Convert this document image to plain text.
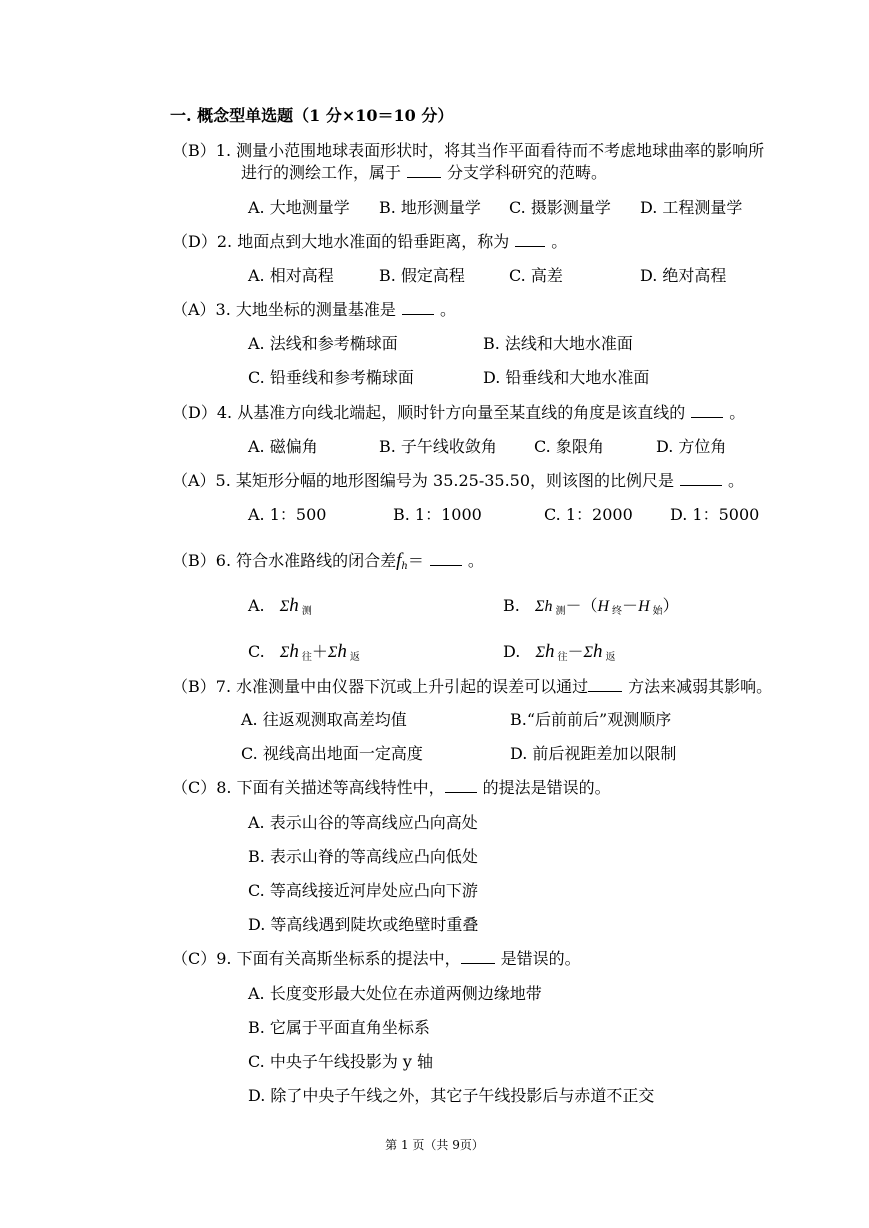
一. 概念型单选题（1 分×10＝10 分）
（B）1. 测量小范围地球表面形状时，将其当作平面看待而不考虑地球曲率的影响所
进行的测绘工作，属于	分支学科研究的范畴。
A. 大地测量学 B. 地形测量学 C. 摄影测量学 D. 工程测量学
（D）2. 地面点到大地水准面的铅垂距离，称为	。
A. 相对高程	B. 假定高程	C. 高差	D. 绝对高程
（A）3. 大地坐标的测量基准是	。
A. 法线和参考椭球面	B. 法线和大地水准面
C. 铅垂线和参考椭球面	D. 铅垂线和大地水准面
（D）4. 从基准方向线北端起，顺时针方向量至某直线的角度是该直线的	。
A. 磁偏角	B. 子午线收敛角 C. 象限角	D. 方位角
（A）5. 某矩形分幅的地形图编号为 35.25-35.50，则该图的比例尺是	。
A. 1：500	B. 1：1000	C. 1：2000 D. 1：5000
（B）6. 符合水准路线的闭合差$f_h=$	。
A. Σh $_测$	B. Σh $_测$－（H $_终$－H $_始$）
C. Σh $_往$＋Σh $_返$	D. Σh $_往$－Σh $_返$
（B）7. 水准测量中由仪器下沉或上升引起的误差可以通过	方法来减弱其影响。
A. 往返观测取高差均值	B.“后前前后”观测顺序
C. 视线高出地面一定高度	D. 前后视距差加以限制
（C）8. 下面有关描述等高线特性中， 的提法是错误的。
A. 表示山谷的等高线应凸向高处
B. 表示山脊的等高线应凸向低处
C. 等高线接近河岸处应凸向下游
D. 等高线遇到陡坎或绝壁时重叠
（C）9. 下面有关高斯坐标系的提法中，	是错误的。
A. 长度变形最大处位在赤道两侧边缘地带
B. 它属于平面直角坐标系
C. 中央子午线投影为 y 轴
D. 除了中央子午线之外，其它子午线投影后与赤道不正交
第 1 页（共 9页）
